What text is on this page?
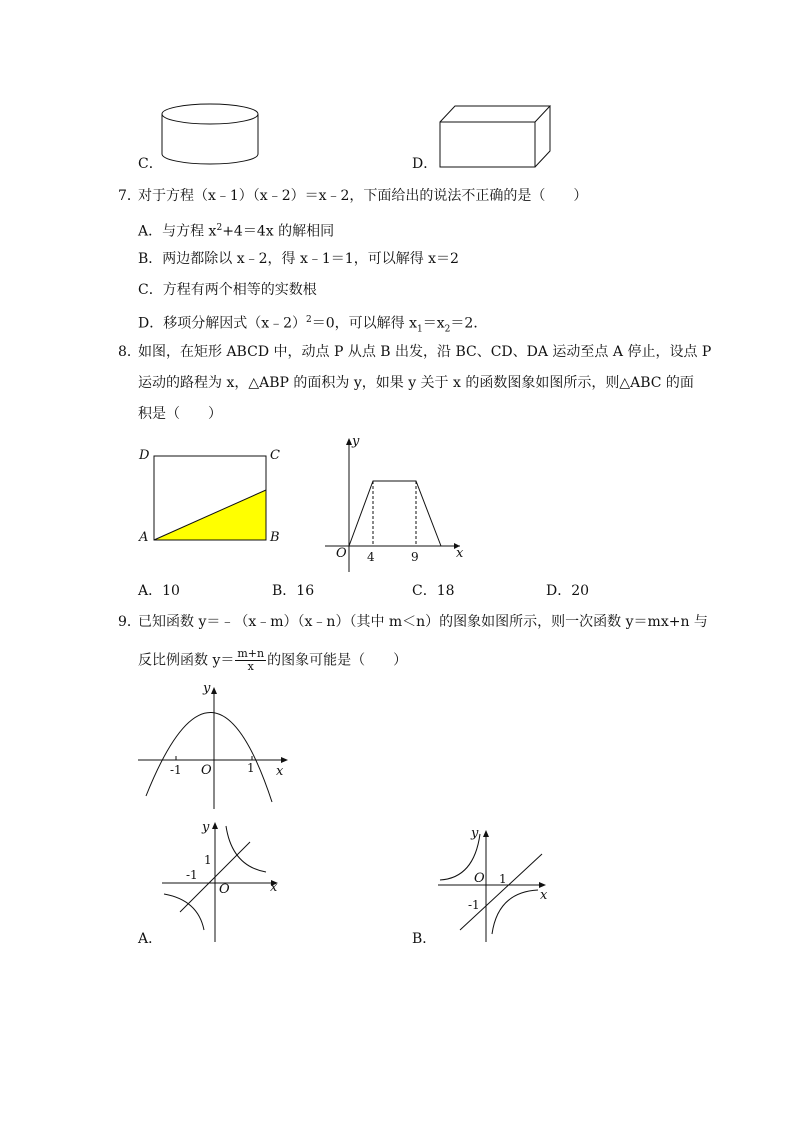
C．	D．
7．
对于方程（x﹣1）（x﹣2）＝x﹣2，下面给出的说法不正确的是（　　）
A．与方程 $x^2+4=4x$ 的解相同
B．两边都除以 x﹣2，得 x﹣1＝1，可以解得 x＝2
C．方程有两个相等的实数根
D．移项分解因式（x﹣2）$^2$＝0，可以解得 $x_1=x_2=2$．
8．
如图，在矩形 ABCD 中，动点 P 从点 B 出发，沿 BC、CD、DA 运动至点 A 停止，设点 P
运动的路程为 x，△ABP 的面积为 y，如果 y 关于 x 的函数图象如图所示，则△ABC 的面
积是（　　）
D	C
A	B
y
O	x
4	9
A．10	B．16	C．18	D．20
9．
已知函数 y＝﹣（x﹣m）（x﹣n）（其中 m＜n）的图象如图所示，则一次函数 y＝mx+n 与
反比例函数 $y= \frac{m+n}{x}$ 的图象可能是（　　）
y
-1 O	1 x
y
1
-1
O	x
A．
y
O 1
-1
x
B．
